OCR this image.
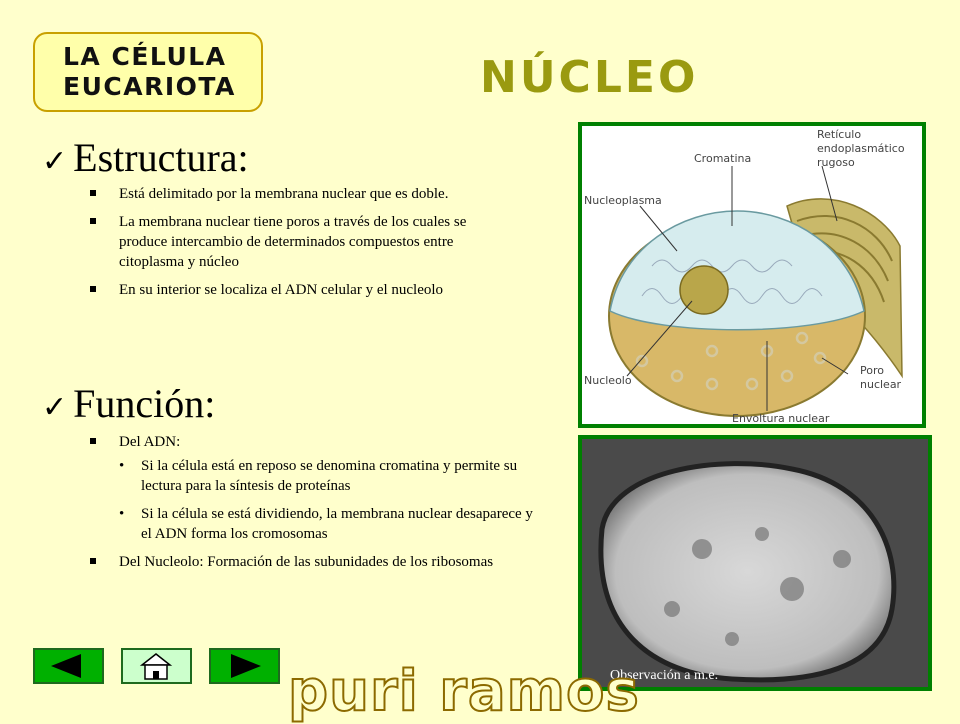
LA CÉLULA
EUCARIOTA	NÚCLEO
✓ Estructura:
Está delimitado por la membrana nuclear que es doble.
La membrana nuclear tiene poros a través de los cuales se produce intercambio de determinados compuestos entre citoplasma y núcleo
En su interior se localiza el ADN celular y el nucleolo
✓ Función:
Del ADN:
• Si la célula está en reposo se denomina cromatina y permite su lectura para la síntesis de proteínas
• Si la célula se está dividiendo, la membrana nuclear desaparece y el ADN forma los cromosomas
Del Nucleolo: Formación de las subunidades de los ribosomas
Retículo
endoplasmático
rugoso
Cromatina
Nucleoplasma
Nucleolo
Poro
nuclear
Envoltura nuclear
Observación a m.e.
puri ramos
